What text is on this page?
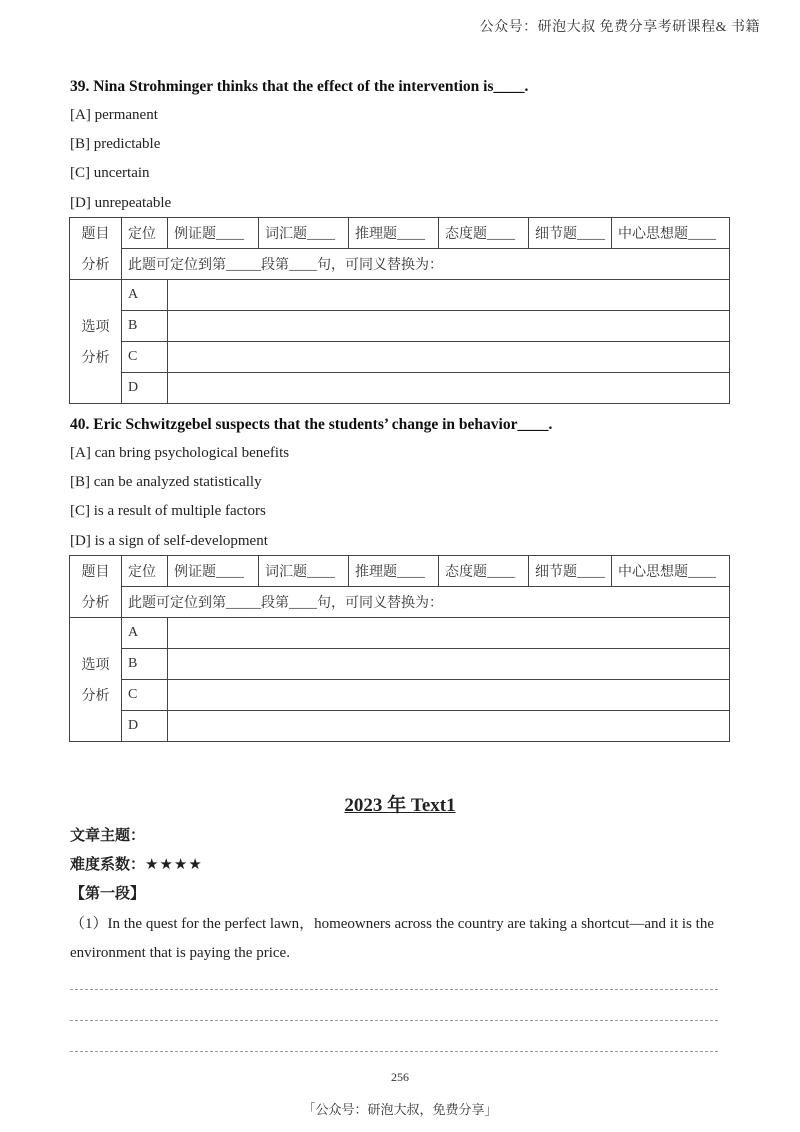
公众号：研泡大叔 免费分享考研课程& 书籍
39. Nina Strohminger thinks that the effect of the intervention is____.
[A] permanent
[B] predictable
[C] uncertain
[D] unrepeatable
题目	定位	例证题____	词汇题____	推理题____	态度题____	细节题____	中心思想题____
分析	此题可定位到第_____段第____句，可同义替换为：						
	A						
选项	B						
分析	C						
	D						
40. Eric Schwitzgebel suspects that the students’ change in behavior____.
[A] can bring psychological benefits
[B] can be analyzed statistically
[C] is a result of multiple factors
[D] is a sign of self-development
题目	定位	例证题____	词汇题____	推理题____	态度题____	细节题____	中心思想题____
分析	此题可定位到第_____段第____句，可同义替换为：						
	A						
选项	B						
分析	C						
	D						
2023 年 Text1
文章主题：
难度系数：★★★★
【第一段】
（1）In the quest for the perfect lawn，homeowners across the country are taking a shortcut—and it is the environment that is paying the price.
256
「公众号：研泡大叔，免费分享」
